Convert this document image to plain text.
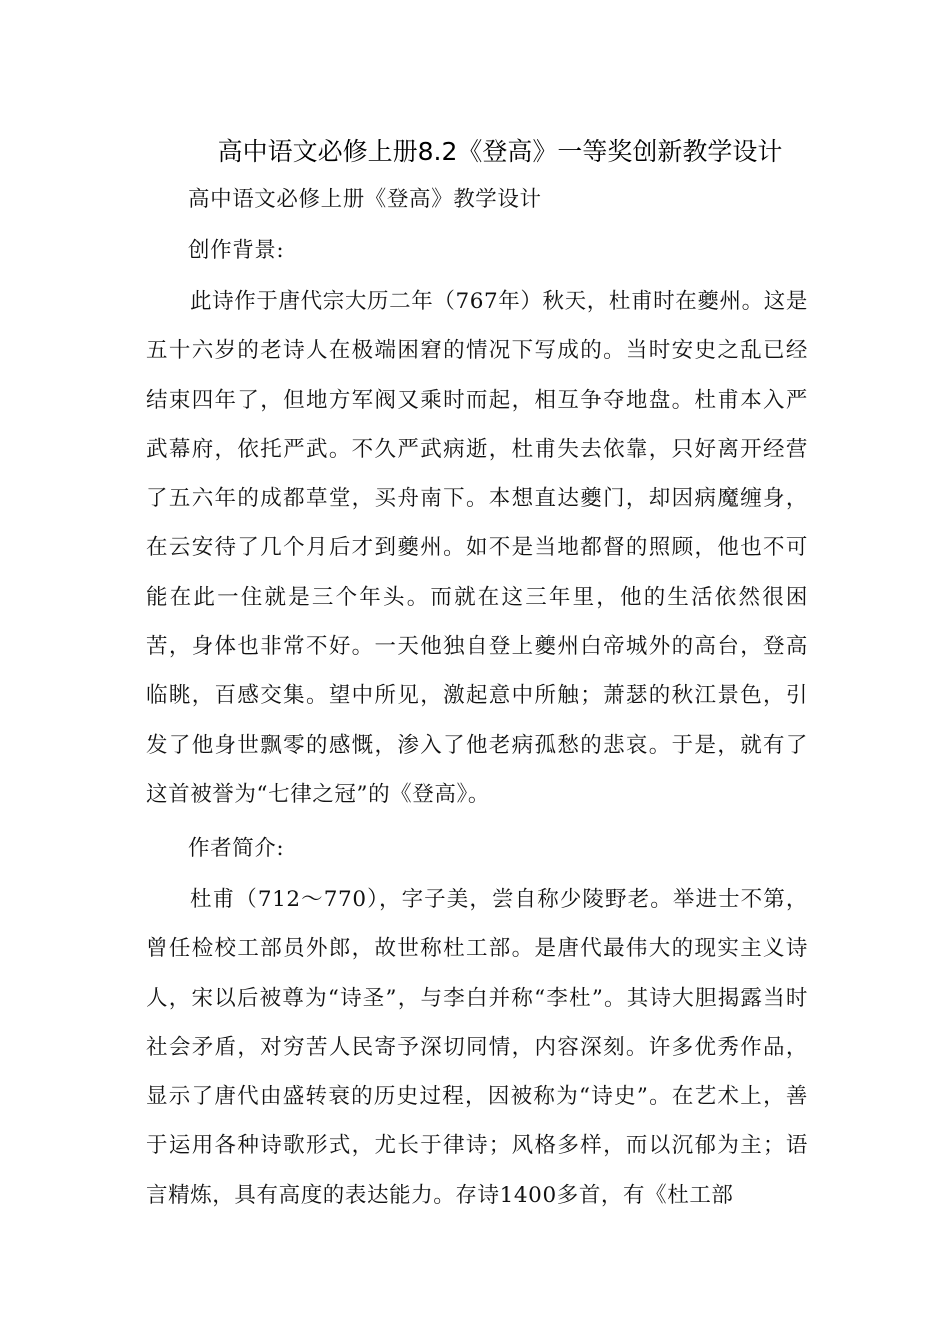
高中语文必修上册8.2《登高》一等奖创新教学设计
高中语文必修上册《登高》教学设计
创作背景:

此诗作于唐代宗大历二年（767年）秋天，杜甫时在夔州。这是五十六岁的老诗人在极端困窘的情况下写成的。当时安史之乱已经结束四年了，但地方军阀又乘时而起，相互争夺地盘。杜甫本入严武幕府，依托严武。不久严武病逝，杜甫失去依靠，只好离开经营了五六年的成都草堂，买舟南下。本想直达夔门，却因病魔缠身，在云安待了几个月后才到夔州。如不是当地都督的照顾，他也不可能在此一住就是三个年头。而就在这三年里，他的生活依然很困苦，身体也非常不好。一天他独自登上夔州白帝城外的高台，登高临眺，百感交集。望中所见，激起意中所触；萧瑟的秋江景色，引发了他身世飘零的感慨，渗入了他老病孤愁的悲哀。于是，就有了这首被誉为“七律之冠”的《登高》。

作者简介:

杜甫（712～770），字子美，尝自称少陵野老。举进士不第，曾任检校工部员外郎，故世称杜工部。是唐代最伟大的现实主义诗人，宋以后被尊为“诗圣”，与李白并称“李杜”。其诗大胆揭露当时社会矛盾，对穷苦人民寄予深切同情，内容深刻。许多优秀作品，显示了唐代由盛转衰的历史过程，因被称为“诗史”。在艺术上，善于运用各种诗歌形式，尤长于律诗；风格多样，而以沉郁为主；语言精炼，具有高度的表达能力。存诗1400多首，有《杜工部
